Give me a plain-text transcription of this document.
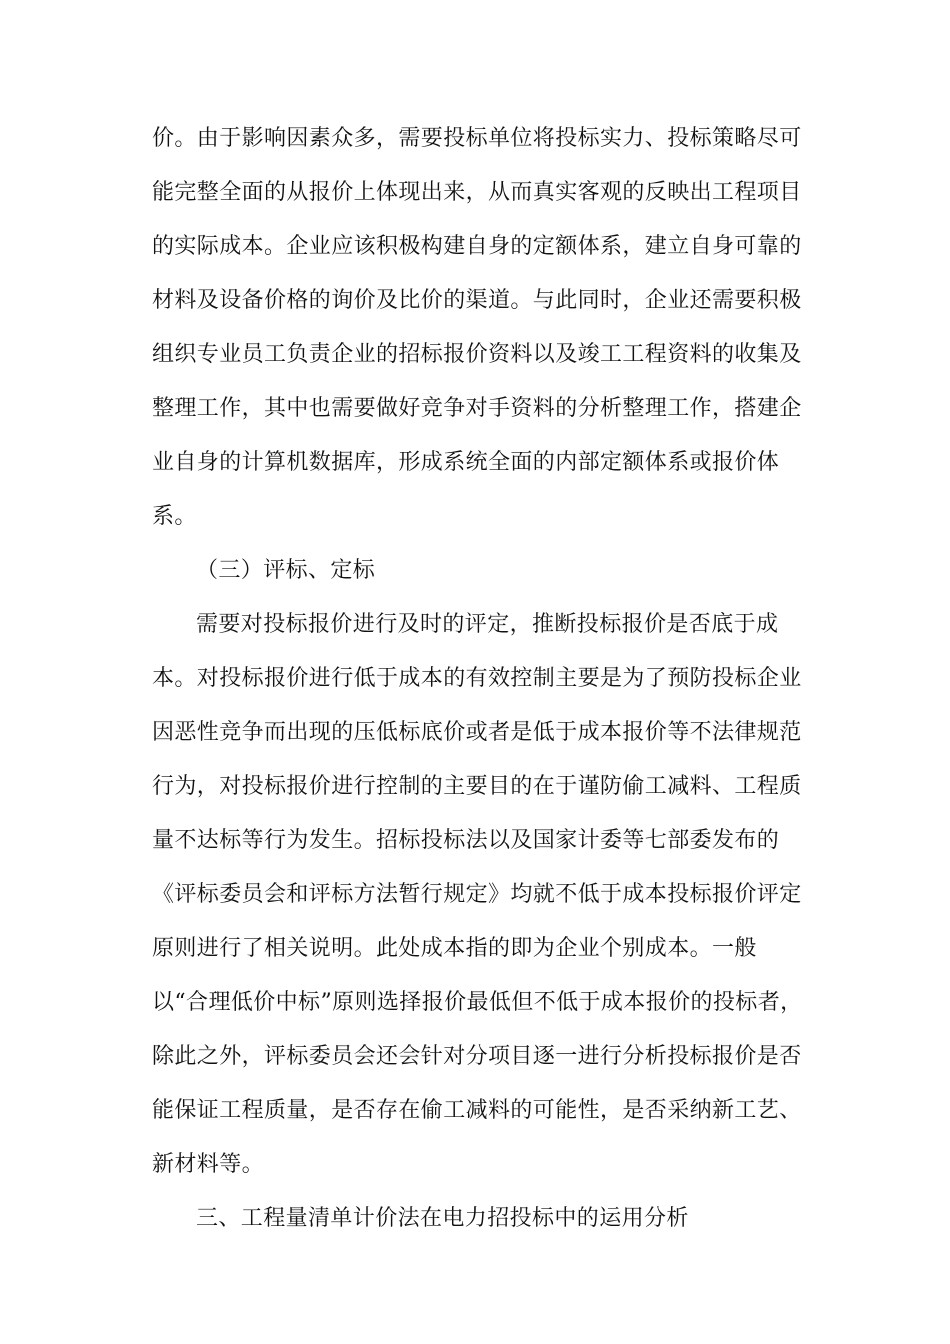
价。由于影响因素众多，需要投标单位将投标实力、投标策略尽可
能完整全面的从报价上体现出来，从而真实客观的反映出工程项目
的实际成本。企业应该积极构建自身的定额体系，建立自身可靠的
材料及设备价格的询价及比价的渠道。与此同时，企业还需要积极
组织专业员工负责企业的招标报价资料以及竣工工程资料的收集及
整理工作，其中也需要做好竞争对手资料的分析整理工作，搭建企
业自身的计算机数据库，形成系统全面的内部定额体系或报价体
系。
（三）评标、定标
需要对投标报价进行及时的评定，推断投标报价是否底于成
本。对投标报价进行低于成本的有效控制主要是为了预防投标企业
因恶性竞争而出现的压低标底价或者是低于成本报价等不法律规范
行为，对投标报价进行控制的主要目的在于谨防偷工减料、工程质
量不达标等行为发生。招标投标法以及国家计委等七部委发布的
《评标委员会和评标方法暂行规定》均就不低于成本投标报价评定
原则进行了相关说明。此处成本指的即为企业个别成本。一般
以“合理低价中标”原则选择报价最低但不低于成本报价的投标者，
除此之外，评标委员会还会针对分项目逐一进行分析投标报价是否
能保证工程质量，是否存在偷工减料的可能性，是否采纳新工艺、
新材料等。
三、工程量清单计价法在电力招投标中的运用分析
